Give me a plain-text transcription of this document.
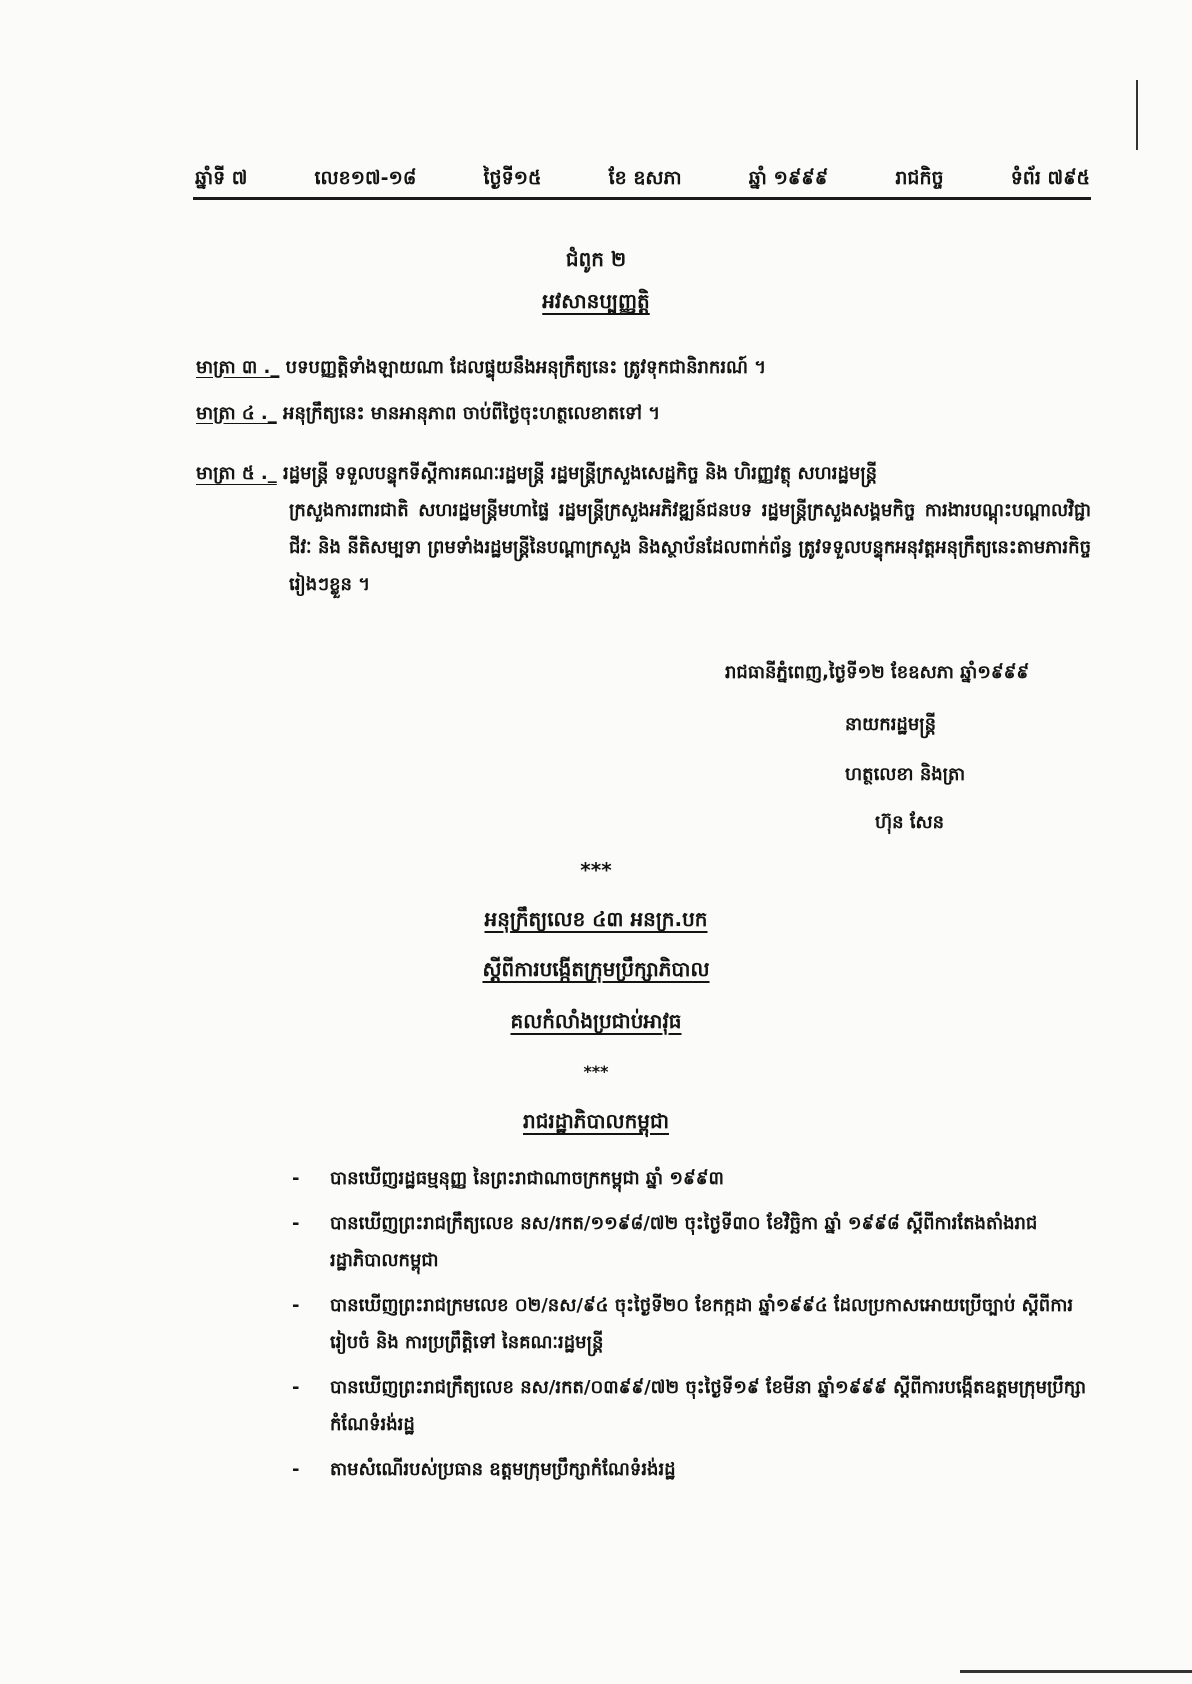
ឆ្នាំទី ៧	លេខ១៧-១៨	ថ្ងៃទី១៥	ខែ ឧសភា	ឆ្នាំ ១៩៩៩	រាជកិច្ច	ទំព័រ ៧៩៥
ជំពូក ២
អវសានប្បញ្ញត្តិ
មាត្រា ៣ ._ បទបញ្ញត្តិទាំងឡាយណា ដែលផ្ទុយនឹងអនុក្រឹត្យនេះ ត្រូវទុកជានិរាករណ៍ ។
មាត្រា ៤ ._ អនុក្រឹត្យនេះ មានអានុភាព ចាប់ពីថ្ងៃចុះហត្ថលេខាតទៅ ។
មាត្រា ៥ ._ រដ្ឋមន្ត្រី ទទួលបន្ទុកទីស្តីការគណៈរដ្ឋមន្ត្រី រដ្ឋមន្ត្រីក្រសួងសេដ្ឋកិច្ច និង ហិរញ្ញវត្ថុ សហរដ្ឋមន្ត្រី
ក្រសួងការពារជាតិ សហរដ្ឋមន្ត្រីមហាផ្ទៃ រដ្ឋមន្ត្រីក្រសួងអភិវឌ្ឍន៍ជនបទ រដ្ឋមន្ត្រីក្រសួងសង្គមកិច្ច ការងារបណ្តុះបណ្តាលវិជ្ជាជីវៈ និង នីតិសម្បទា ព្រមទាំងរដ្ឋមន្ត្រីនៃបណ្តាក្រសួង និងស្ថាប័នដែលពាក់ព័ន្ធ ត្រូវទទួលបន្ទុកអនុវត្តអនុក្រឹត្យនេះតាមភារកិច្ចរៀងៗខ្លួន ។
រាជធានីភ្នំពេញ,ថ្ងៃទី១២ ខែឧសភា ឆ្នាំ១៩៩៩
នាយករដ្ឋមន្ត្រី
ហត្ថលេខា និងត្រា
ហ៊ុន សែន
***
អនុក្រឹត្យលេខ ៤៣ អនក្រ.បក
ស្តីពីការបង្កើតក្រុមប្រឹក្សាភិបាល
គលកំលាំងប្រជាប់អាវុធ
***
រាជរដ្ឋាភិបាលកម្ពុជា
- បានឃើញរដ្ឋធម្មនុញ្ញ នៃព្រះរាជាណាចក្រកម្ពុជា ឆ្នាំ ១៩៩៣
- បានឃើញព្រះរាជក្រឹត្យលេខ នស/រកត/១១៩៨/៧២ ចុះថ្ងៃទី៣០ ខែវិច្ឆិកា ឆ្នាំ ១៩៩៨ ស្តីពីការតែងតាំងរាជរដ្ឋាភិបាលកម្ពុជា
- បានឃើញព្រះរាជក្រមលេខ ០២/នស/៩៤ ចុះថ្ងៃទី២០ ខែកក្កដា ឆ្នាំ១៩៩៤ ដែលប្រកាសអោយប្រើច្បាប់ ស្តីពីការរៀបចំ និង ការប្រព្រឹត្តិទៅ នៃគណៈរដ្ឋមន្ត្រី
- បានឃើញព្រះរាជក្រឹត្យលេខ នស/រកត/០៣៩៩/៧២ ចុះថ្ងៃទី១៩ ខែមីនា ឆ្នាំ១៩៩៩ ស្តីពីការបង្កើតឧត្តមក្រុមប្រឹក្សាកំណែទំរង់រដ្ឋ
- តាមសំណើរបស់ប្រធាន ឧត្តមក្រុមប្រឹក្សាកំណែទំរង់រដ្ឋ
